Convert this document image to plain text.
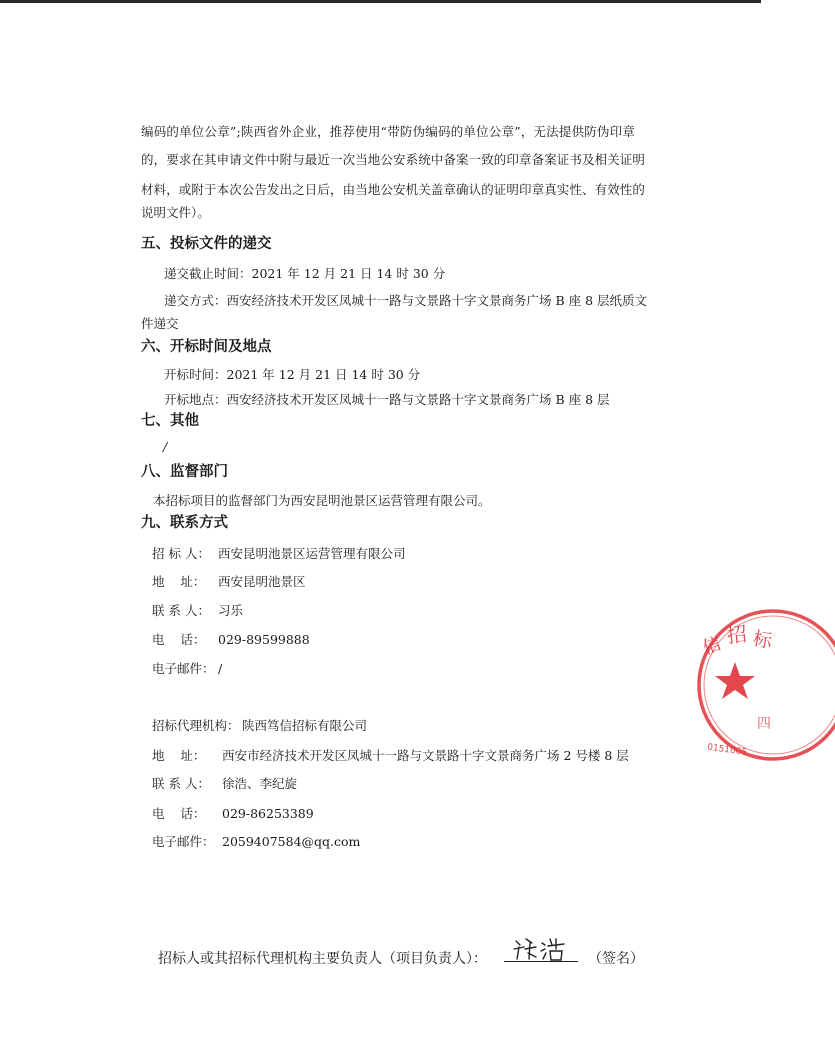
编码的单位公章”;陕西省外企业，推荐使用“带防伪编码的单位公章”，无法提供防伪印章
的，要求在其申请文件中附与最近一次当地公安系统中备案一致的印章备案证书及相关证明
材料，或附于本次公告发出之日后，由当地公安机关盖章确认的证明印章真实性、有效性的
说明文件）。
五、投标文件的递交
递交截止时间：2021 年 12 月 21 日 14 时 30 分
递交方式：西安经济技术开发区凤城十一路与文景路十字文景商务广场 B 座 8 层纸质文
件递交
六、开标时间及地点
开标时间：2021 年 12 月 21 日 14 时 30 分
开标地点：西安经济技术开发区凤城十一路与文景路十字文景商务广场 B 座 8 层
七、其他
/
八、监督部门
本招标项目的监督部门为西安昆明池景区运营管理有限公司。
九、联系方式
招 标 人： 西安昆明池景区运营管理有限公司
地    址： 西安昆明池景区
联 系 人： 习乐
电    话： 029-89599888
电子邮件： /
招标代理机构： 陕西笃信招标有限公司
地    址： 西安市经济技术开发区凤城十一路与文景路十字文景商务广场 2 号楼 8 层
联 系 人： 徐浩、李纪旋
电    话： 029-86253389
电子邮件： 2059407584@qq.com
招标人或其招标代理机构主要负责人（项目负责人）：	（签名）
信 招 标
0151005
四
